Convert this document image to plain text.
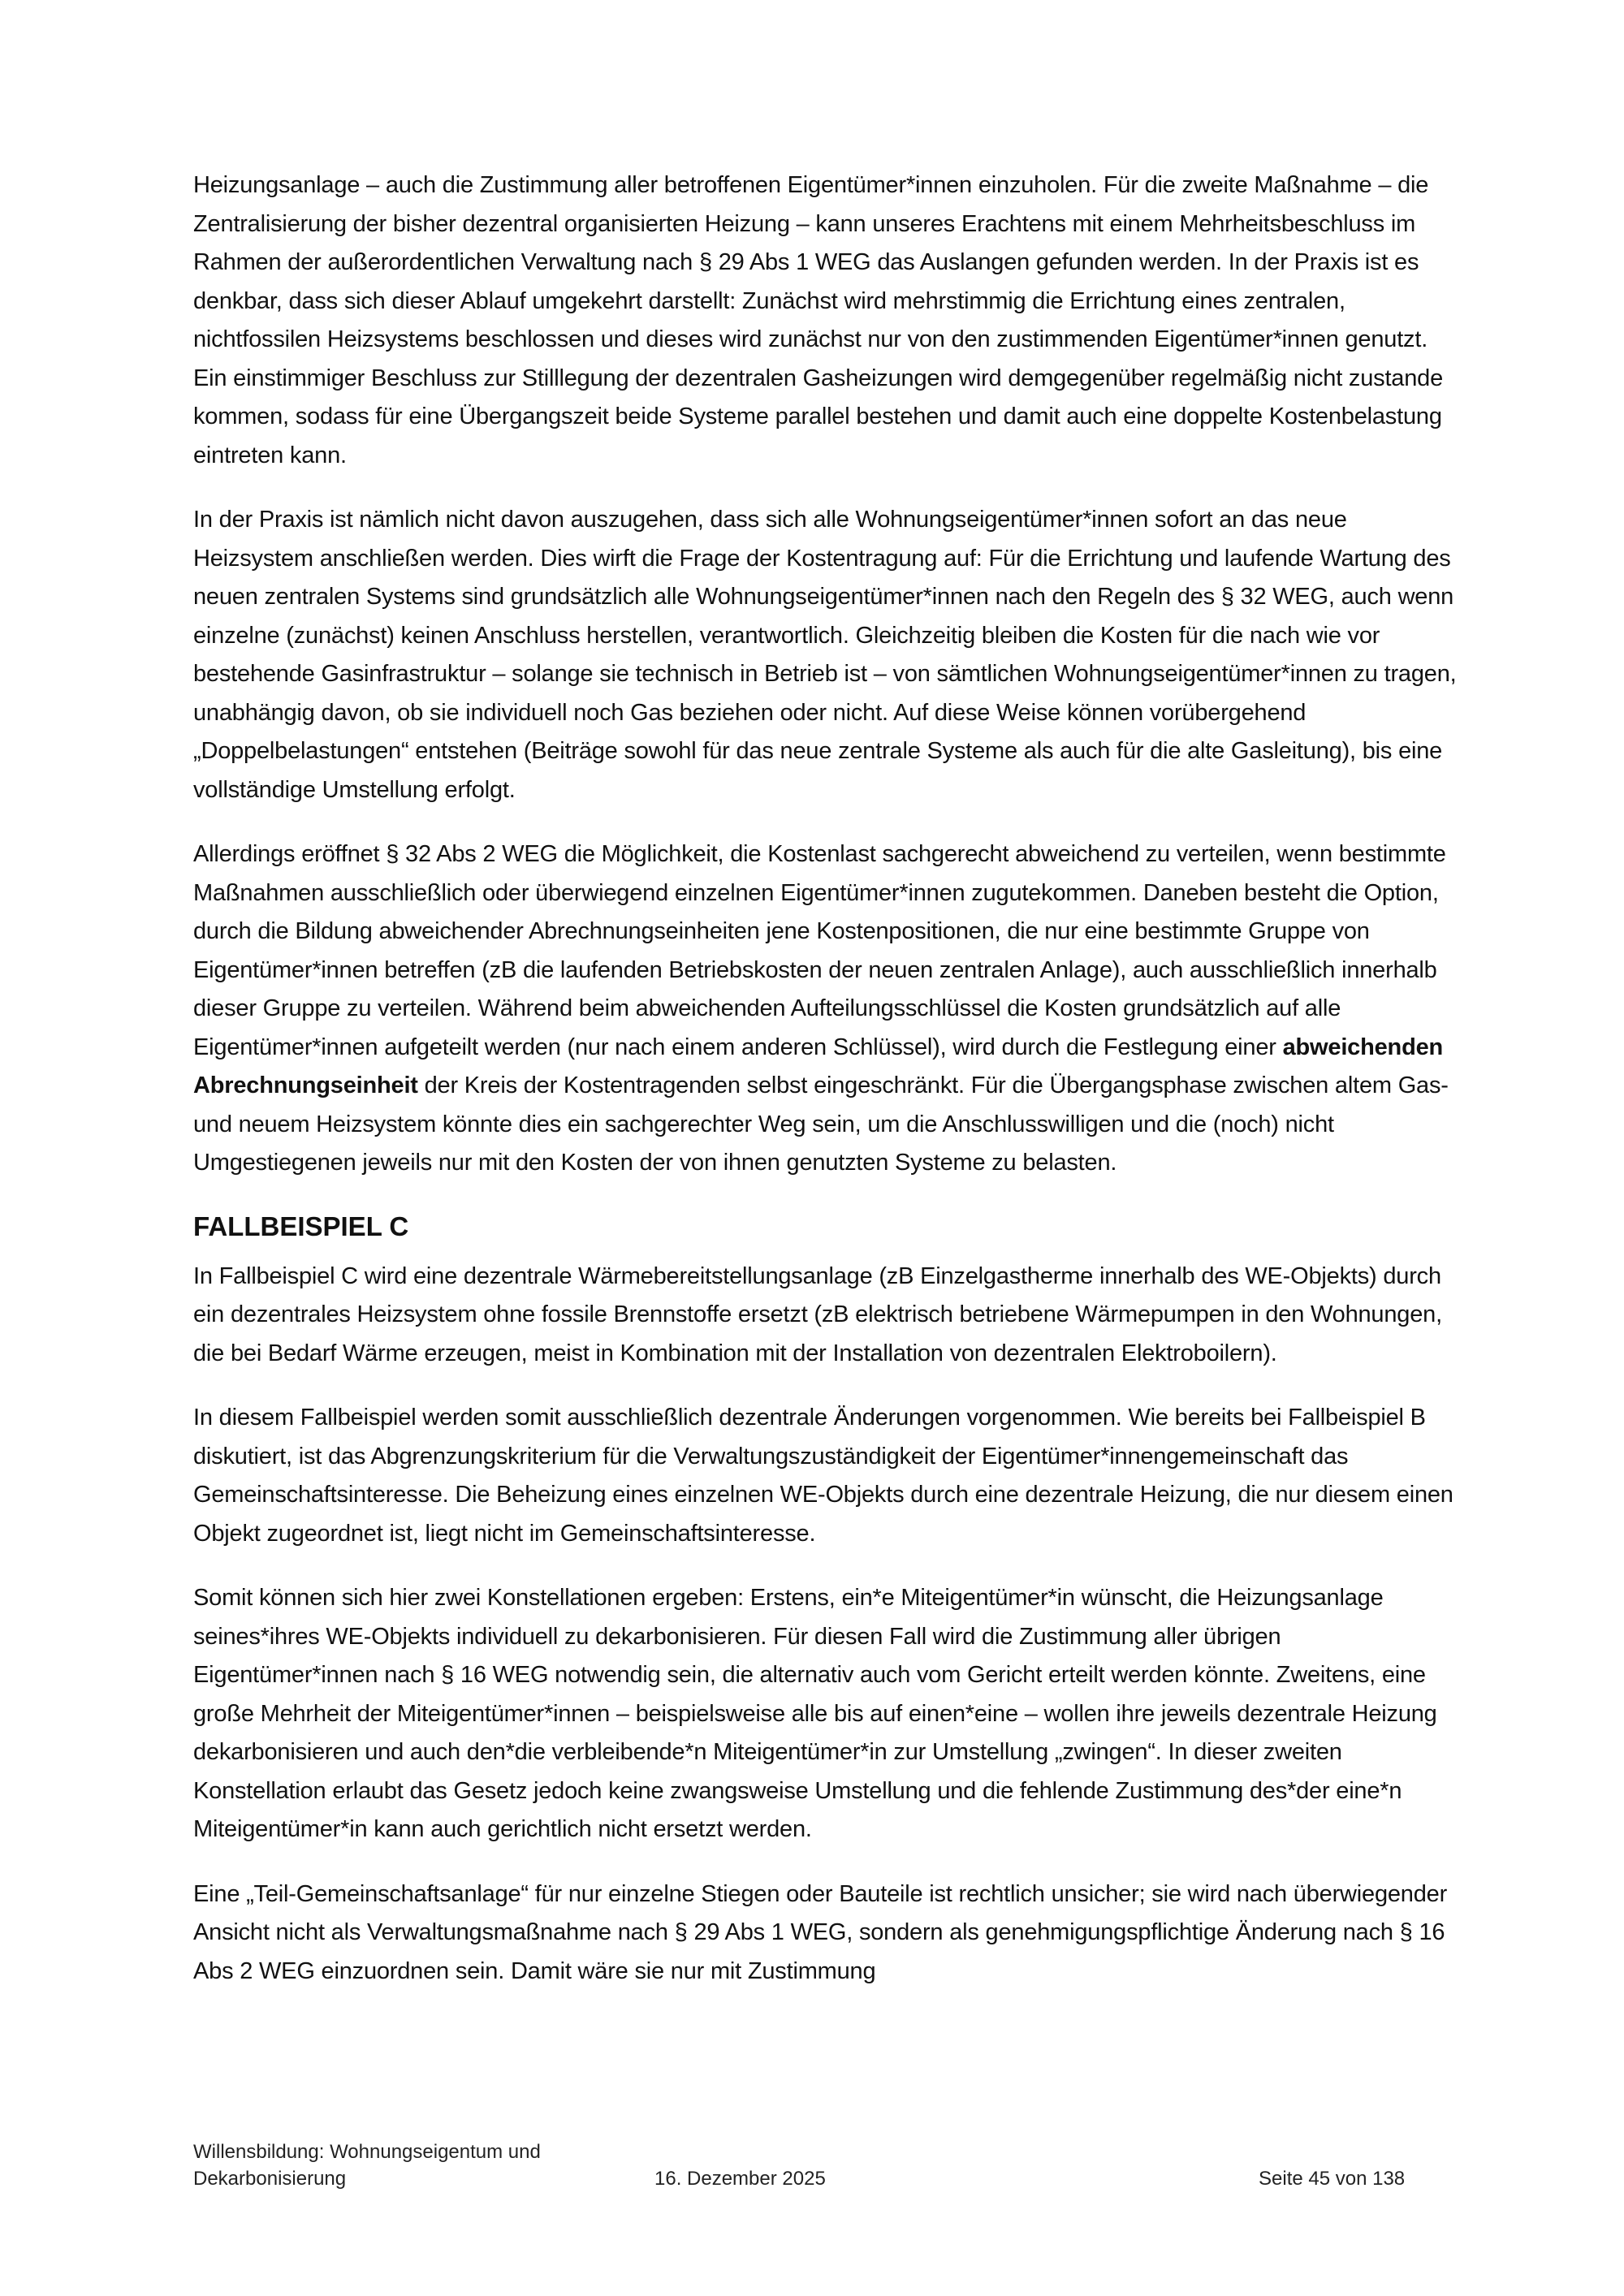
Heizungsanlage – auch die Zustimmung aller betroffenen Eigentümer*innen einzuholen. Für die zweite Maßnahme – die Zentralisierung der bisher dezentral organisierten Heizung – kann unseres Erachtens mit einem Mehrheitsbeschluss im Rahmen der außerordentlichen Verwaltung nach § 29 Abs 1 WEG das Auslangen gefunden werden. In der Praxis ist es denkbar, dass sich dieser Ablauf umgekehrt darstellt: Zunächst wird mehrstimmig die Errichtung eines zentralen, nichtfossilen Heizsystems beschlossen und dieses wird zunächst nur von den zustimmenden Eigentümer*innen genutzt. Ein einstimmiger Beschluss zur Stilllegung der dezentralen Gasheizungen wird demgegenüber regelmäßig nicht zustande kommen, sodass für eine Übergangszeit beide Systeme parallel bestehen und damit auch eine doppelte Kostenbelastung eintreten kann.

In der Praxis ist nämlich nicht davon auszugehen, dass sich alle Wohnungseigentümer*innen sofort an das neue Heizsystem anschließen werden. Dies wirft die Frage der Kostentragung auf: Für die Errichtung und laufende Wartung des neuen zentralen Systems sind grundsätzlich alle Wohnungseigentümer*innen nach den Regeln des § 32 WEG, auch wenn einzelne (zunächst) keinen Anschluss herstellen, verantwortlich. Gleichzeitig bleiben die Kosten für die nach wie vor bestehende Gasinfrastruktur – solange sie technisch in Betrieb ist – von sämtlichen Wohnungseigentümer*innen zu tragen, unabhängig davon, ob sie individuell noch Gas beziehen oder nicht. Auf diese Weise können vorübergehend „Doppelbelastungen“ entstehen (Beiträge sowohl für das neue zentrale Systeme als auch für die alte Gasleitung), bis eine vollständige Umstellung erfolgt.

Allerdings eröffnet § 32 Abs 2 WEG die Möglichkeit, die Kostenlast sachgerecht abweichend zu verteilen, wenn bestimmte Maßnahmen ausschließlich oder überwiegend einzelnen Eigentümer*innen zugutekommen. Daneben besteht die Option, durch die Bildung abweichender Abrechnungseinheiten jene Kostenpositionen, die nur eine bestimmte Gruppe von Eigentümer*innen betreffen (zB die laufenden Betriebskosten der neuen zentralen Anlage), auch ausschließlich innerhalb dieser Gruppe zu verteilen. Während beim abweichenden Aufteilungsschlüssel die Kosten grundsätzlich auf alle Eigentümer*innen aufgeteilt werden (nur nach einem anderen Schlüssel), wird durch die Festlegung einer abweichenden Abrechnungseinheit der Kreis der Kostentragenden selbst eingeschränkt. Für die Übergangsphase zwischen altem Gas- und neuem Heizsystem könnte dies ein sachgerechter Weg sein, um die Anschlusswilligen und die (noch) nicht Umgestiegenen jeweils nur mit den Kosten der von ihnen genutzten Systeme zu belasten.

FALLBEISPIEL C

In Fallbeispiel C wird eine dezentrale Wärmebereitstellungsanlage (zB Einzelgastherme innerhalb des WE-Objekts) durch ein dezentrales Heizsystem ohne fossile Brennstoffe ersetzt (zB elektrisch betriebene Wärmepumpen in den Wohnungen, die bei Bedarf Wärme erzeugen, meist in Kombination mit der Installation von dezentralen Elektroboilern).

In diesem Fallbeispiel werden somit ausschließlich dezentrale Änderungen vorgenommen. Wie bereits bei Fallbeispiel B diskutiert, ist das Abgrenzungskriterium für die Verwaltungszuständigkeit der Eigentümer*innengemeinschaft das Gemeinschaftsinteresse. Die Beheizung eines einzelnen WE-Objekts durch eine dezentrale Heizung, die nur diesem einen Objekt zugeordnet ist, liegt nicht im Gemeinschaftsinteresse.

Somit können sich hier zwei Konstellationen ergeben: Erstens, ein*e Miteigentümer*in wünscht, die Heizungsanlage seines*ihres WE-Objekts individuell zu dekarbonisieren. Für diesen Fall wird die Zustimmung aller übrigen Eigentümer*innen nach § 16 WEG notwendig sein, die alternativ auch vom Gericht erteilt werden könnte. Zweitens, eine große Mehrheit der Miteigentümer*innen – beispielsweise alle bis auf einen*eine – wollen ihre jeweils dezentrale Heizung dekarbonisieren und auch den*die verbleibende*n Miteigentümer*in zur Umstellung „zwingen“. In dieser zweiten Konstellation erlaubt das Gesetz jedoch keine zwangsweise Umstellung und die fehlende Zustimmung des*der eine*n Miteigentümer*in kann auch gerichtlich nicht ersetzt werden.

Eine „Teil-Gemeinschaftsanlage“ für nur einzelne Stiegen oder Bauteile ist rechtlich unsicher; sie wird nach überwiegender Ansicht nicht als Verwaltungsmaßnahme nach § 29 Abs 1 WEG, sondern als genehmigungspflichtige Änderung nach § 16 Abs 2 WEG einzuordnen sein. Damit wäre sie nur mit Zustimmung

Willensbildung: Wohnungseigentum und
Dekarbonisierung	16. Dezember 2025	Seite 45 von 138
